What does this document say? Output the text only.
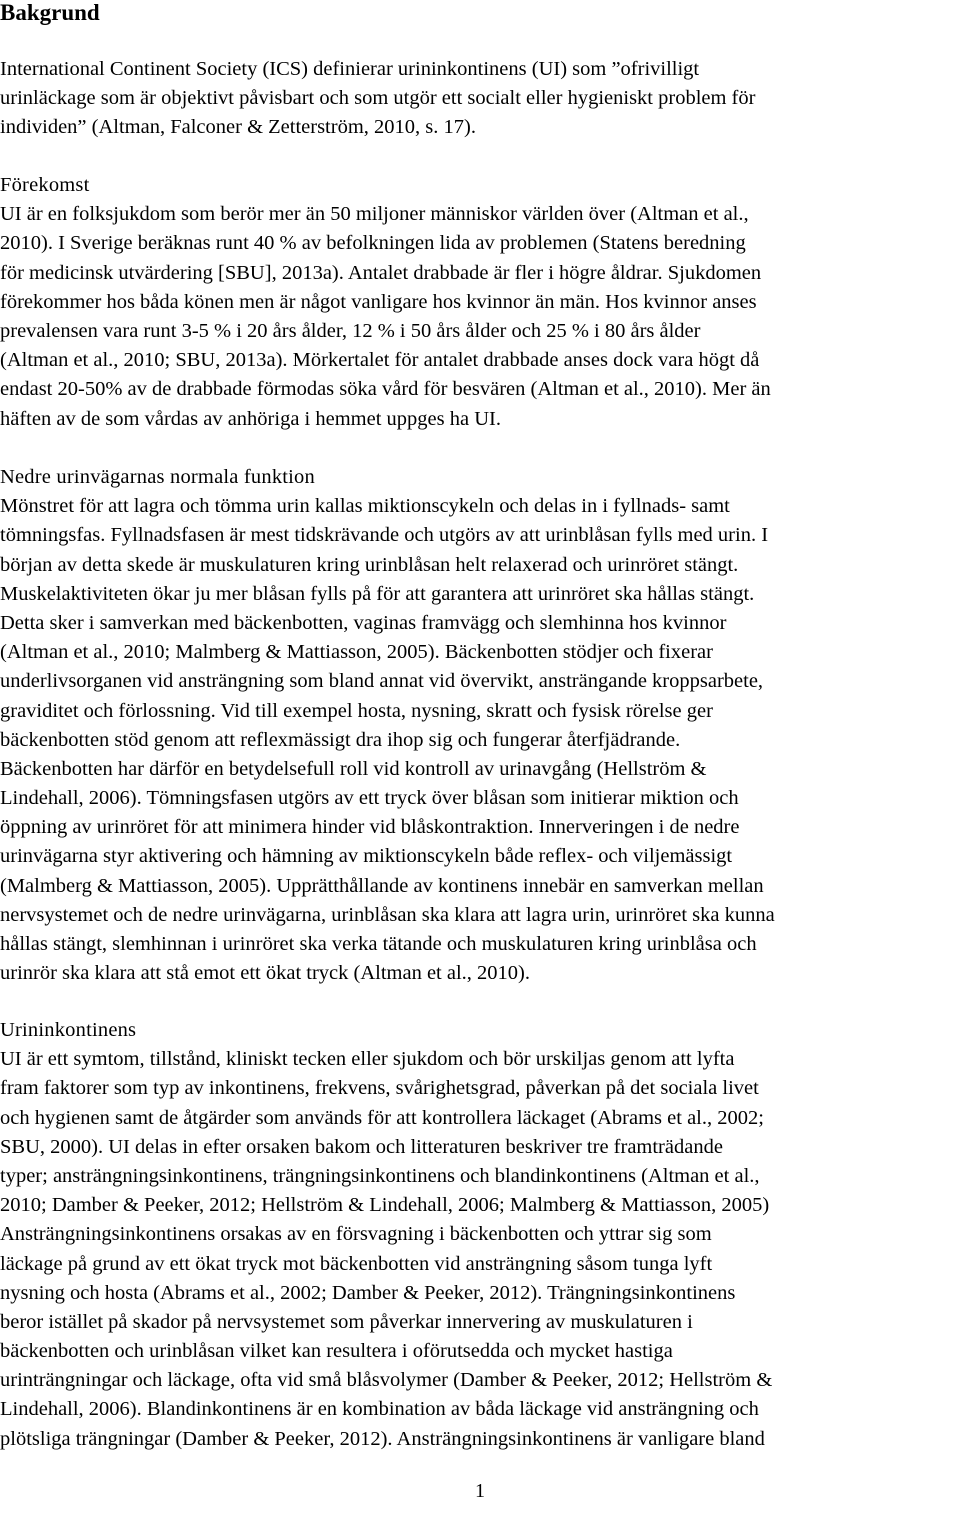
Bakgrund
International Continent Society (ICS) definierar urininkontinens (UI) som ”ofrivilligt
urinläckage som är objektivt påvisbart och som utgör ett socialt eller hygieniskt problem för
individen” (Altman, Falconer & Zetterström, 2010, s. 17).
Förekomst
UI är en folksjukdom som berör mer än 50 miljoner människor världen över (Altman et al.,
2010). I Sverige beräknas runt 40 % av befolkningen lida av problemen (Statens beredning
för medicinsk utvärdering [SBU], 2013a). Antalet drabbade är fler i högre åldrar. Sjukdomen
förekommer hos båda könen men är något vanligare hos kvinnor än män. Hos kvinnor anses
prevalensen vara runt 3-5 % i 20 års ålder, 12 % i 50 års ålder och 25 % i 80 års ålder
(Altman et al., 2010; SBU, 2013a). Mörkertalet för antalet drabbade anses dock vara högt då
endast 20-50% av de drabbade förmodas söka vård för besvären (Altman et al., 2010). Mer än
häften av de som vårdas av anhöriga i hemmet uppges ha UI.
Nedre urinvägarnas normala funktion
Mönstret för att lagra och tömma urin kallas miktionscykeln och delas in i fyllnads- samt
tömningsfas. Fyllnadsfasen är mest tidskrävande och utgörs av att urinblåsan fylls med urin. I
början av detta skede är muskulaturen kring urinblåsan helt relaxerad och urinröret stängt.
Muskelaktiviteten ökar ju mer blåsan fylls på för att garantera att urinröret ska hållas stängt.
Detta sker i samverkan med bäckenbotten, vaginas framvägg och slemhinna hos kvinnor
(Altman et al., 2010; Malmberg & Mattiasson, 2005). Bäckenbotten stödjer och fixerar
underlivsorganen vid ansträngning som bland annat vid övervikt, ansträngande kroppsarbete,
graviditet och förlossning. Vid till exempel hosta, nysning, skratt och fysisk rörelse ger
bäckenbotten stöd genom att reflexmässigt dra ihop sig och fungerar återfjädrande.
Bäckenbotten har därför en betydelsefull roll vid kontroll av urinavgång (Hellström &
Lindehall, 2006). Tömningsfasen utgörs av ett tryck över blåsan som initierar miktion och
öppning av urinröret för att minimera hinder vid blåskontraktion. Innerveringen i de nedre
urinvägarna styr aktivering och hämning av miktionscykeln både reflex- och viljemässigt
(Malmberg & Mattiasson, 2005). Upprätthållande av kontinens innebär en samverkan mellan
nervsystemet och de nedre urinvägarna, urinblåsan ska klara att lagra urin, urinröret ska kunna
hållas stängt, slemhinnan i urinröret ska verka tätande och muskulaturen kring urinblåsa och
urinrör ska klara att stå emot ett ökat tryck (Altman et al., 2010).
Urininkontinens
UI är ett symtom, tillstånd, kliniskt tecken eller sjukdom och bör urskiljas genom att lyfta
fram faktorer som typ av inkontinens, frekvens, svårighetsgrad, påverkan på det sociala livet
och hygienen samt de åtgärder som används för att kontrollera läckaget (Abrams et al., 2002;
SBU, 2000). UI delas in efter orsaken bakom och litteraturen beskriver tre framträdande
typer; ansträngningsinkontinens, trängningsinkontinens och blandinkontinens (Altman et al.,
2010; Damber & Peeker, 2012; Hellström & Lindehall, 2006; Malmberg & Mattiasson, 2005)
Ansträngningsinkontinens orsakas av en försvagning i bäckenbotten och yttrar sig som
läckage på grund av ett ökat tryck mot bäckenbotten vid ansträngning såsom tunga lyft
nysning och hosta (Abrams et al., 2002; Damber & Peeker, 2012). Trängningsinkontinens
beror istället på skador på nervsystemet som påverkar innervering av muskulaturen i
bäckenbotten och urinblåsan vilket kan resultera i oförutsedda och mycket hastiga
urinträngningar och läckage, ofta vid små blåsvolymer (Damber & Peeker, 2012; Hellström &
Lindehall, 2006). Blandinkontinens är en kombination av båda läckage vid ansträngning och
plötsliga trängningar (Damber & Peeker, 2012). Ansträngningsinkontinens är vanligare bland
1
